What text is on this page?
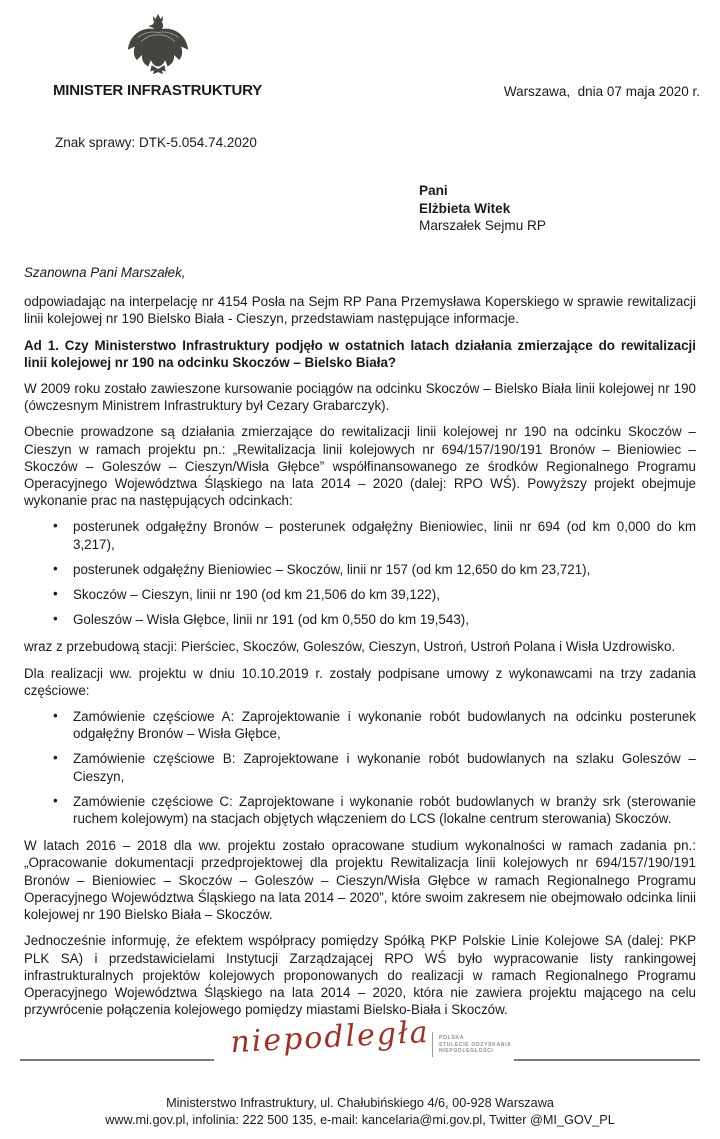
MINISTER INFRASTRUKTURY	Warszawa,  dnia 07 maja 2020 r.
Znak sprawy: DTK-5.054.74.2020
Pani
Elżbieta Witek
Marszałek Sejmu RP

Szanowna Pani Marszałek,

odpowiadając na interpelację nr 4154 Posła na Sejm RP Pana Przemysława Koperskiego w sprawie rewitalizacji linii kolejowej nr 190 Bielsko Biała - Cieszyn, przedstawiam następujące informacje.

Ad 1. Czy Ministerstwo Infrastruktury podjęło w ostatnich latach działania zmierzające do rewitalizacji linii kolejowej nr 190 na odcinku Skoczów – Bielsko Biała?

W 2009 roku zostało zawieszone kursowanie pociągów na odcinku Skoczów – Bielsko Biała linii kolejowej nr 190 (ówczesnym Ministrem Infrastruktury był Cezary Grabarczyk).

Obecnie prowadzone są działania zmierzające do rewitalizacji linii kolejowej nr 190 na odcinku Skoczów – Cieszyn w ramach projektu pn.: „Rewitalizacja linii kolejowych nr 694/157/190/191 Bronów – Bieniowiec – Skoczów – Goleszów – Cieszyn/Wisła Głębce” współfinansowanego ze środków Regionalnego Programu Operacyjnego Województwa Śląskiego na lata 2014 – 2020 (dalej: RPO WŚ). Powyższy projekt obejmuje wykonanie prac na następujących odcinkach:

• posterunek odgałęźny Bronów – posterunek odgałęźny Bieniowiec, linii nr 694 (od km 0,000 do km 3,217),
• posterunek odgałęźny Bieniowiec – Skoczów, linii nr 157 (od km 12,650 do km 23,721),
• Skoczów – Cieszyn, linii nr 190 (od km 21,506 do km 39,122),
• Goleszów – Wisła Głębce, linii nr 191 (od km 0,550 do km 19,543),

wraz z przebudową stacji: Pierściec, Skoczów, Goleszów, Cieszyn, Ustroń, Ustroń Polana i Wisła Uzdrowisko.

Dla realizacji ww. projektu w dniu 10.10.2019 r. zostały podpisane umowy z wykonawcami na trzy zadania częściowe:

• Zamówienie częściowe A: Zaprojektowanie i wykonanie robót budowlanych na odcinku posterunek odgałęźny Bronów – Wisła Głębce,
• Zamówienie częściowe B: Zaprojektowane i wykonanie robót budowlanych na szlaku Goleszów – Cieszyn,
• Zamówienie częściowe C: Zaprojektowane i wykonanie robót budowlanych w branży srk (sterowanie ruchem kolejowym) na stacjach objętych włączeniem do LCS (lokalne centrum sterowania) Skoczów.

W latach 2016 – 2018 dla ww. projektu zostało opracowane studium wykonalności w ramach zadania pn.: „Opracowanie dokumentacji przedprojektowej dla projektu Rewitalizacja linii kolejowych nr 694/157/190/191 Bronów – Bieniowiec – Skoczów – Goleszów – Cieszyn/Wisła Głębce w ramach Regionalnego Programu Operacyjnego Województwa Śląskiego na lata 2014 – 2020”, które swoim zakresem nie obejmowało odcinka linii kolejowej nr 190 Bielsko Biała – Skoczów.

Jednocześnie informuję, że efektem współpracy pomiędzy Spółką PKP Polskie Linie Kolejowe SA (dalej: PKP PLK SA) i przedstawicielami Instytucji Zarządzającej RPO WŚ było wypracowanie listy rankingowej infrastrukturalnych projektów kolejowych proponowanych do realizacji w ramach Regionalnego Programu Operacyjnego Województwa Śląskiego na lata 2014 – 2020, która nie zawiera projektu mającego na celu przywrócenie połączenia kolejowego pomiędzy miastami Bielsko-Biała i Skoczów.

niepodległa POLSKA
STULECIE ODZYSKANIA
NIEPODLEGŁOŚCI
Ministerstwo Infrastruktury, ul. Chałubińskiego 4/6, 00-928 Warszawa
www.mi.gov.pl, infolinia: 222 500 135, e-mail: kancelaria@mi.gov.pl, Twitter @MI_GOV_PL
